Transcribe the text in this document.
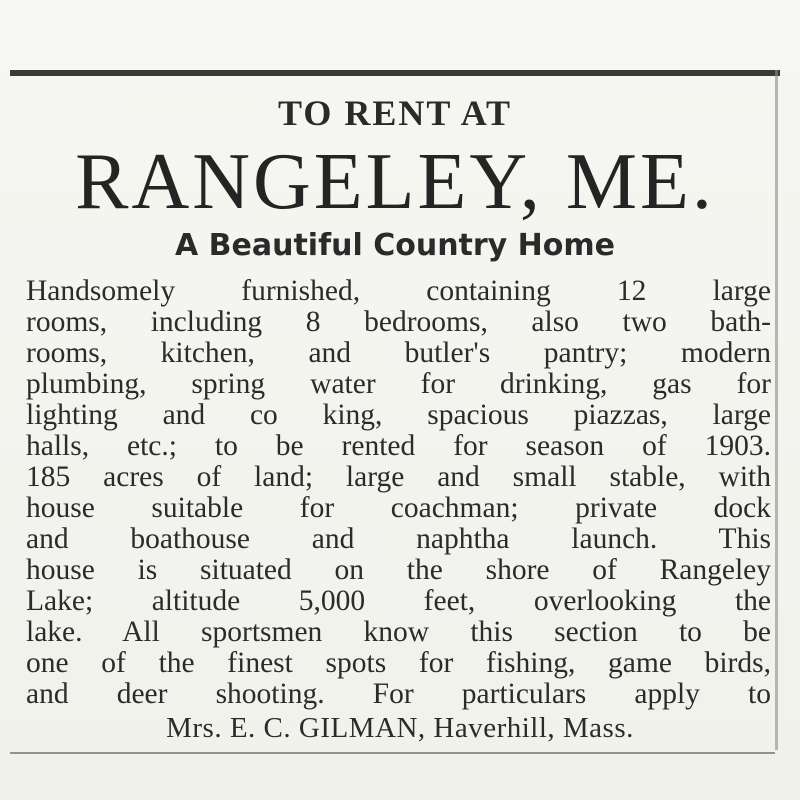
TO RENT AT
RANGELEY, ME.
A Beautiful Country Home
Handsomely furnished, containing 12 large
rooms, including 8 bedrooms, also two bath-
rooms, kitchen, and butler's pantry; modern
plumbing, spring water for drinking, gas for
lighting and co king, spacious piazzas, large
halls, etc.; to be rented for season of 1903.
185 acres of land; large and small stable, with
house suitable for coachman; private dock
and boathouse and naphtha launch. This
house is situated on the shore of Rangeley
Lake; altitude 5,000 feet, overlooking the
lake. All sportsmen know this section to be
one of the finest spots for fishing, game birds,
and deer shooting. For particulars apply to
Mrs. E. C. GILMAN, Haverhill, Mass.
